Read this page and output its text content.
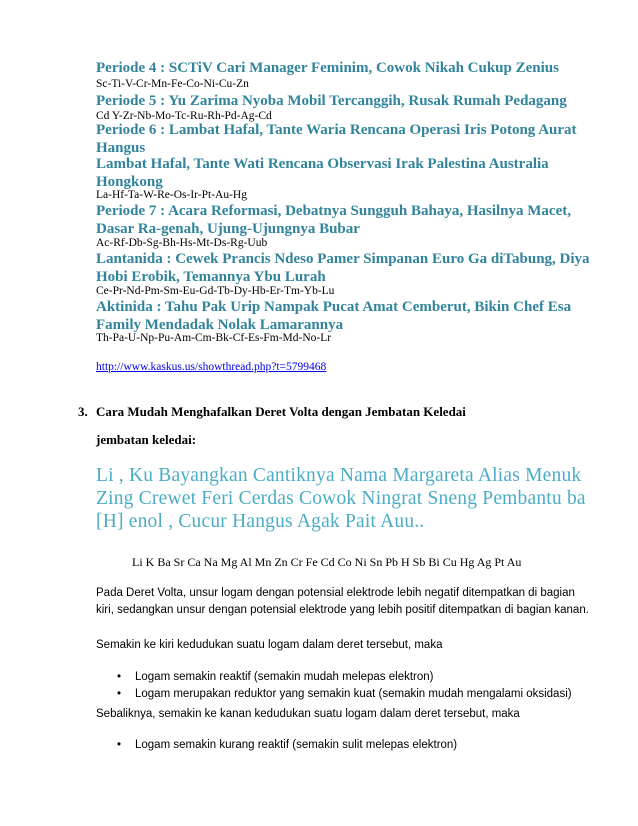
Periode 4 : SCTiV Cari Manager Feminim, Cowok Nikah Cukup Zenius
Sc-Ti-V-Cr-Mn-Fe-Co-Ni-Cu-Zn
Periode 5 : Yu Zarima Nyoba Mobil Tercanggih, Rusak Rumah Pedagang
Cd Y-Zr-Nb-Mo-Tc-Ru-Rh-Pd-Ag-Cd
Periode 6 : Lambat Hafal, Tante Waria Rencana Operasi Iris Potong Aurat Hangus
Lambat Hafal, Tante Wati Rencana Observasi Irak Palestina Australia Hongkong
La-Hf-Ta-W-Re-Os-Ir-Pt-Au-Hg
Periode 7 : Acara Reformasi, Debatnya Sungguh Bahaya, Hasilnya Macet, Dasar Ra-genah, Ujung-Ujungnya Bubar
Ac-Rf-Db-Sg-Bh-Hs-Mt-Ds-Rg-Uub
Lantanida : Cewek Prancis Ndeso Pamer Simpanan Euro Ga diTabung, Diya Hobi Erobik, Temannya Ybu Lurah
Ce-Pr-Nd-Pm-Sm-Eu-Gd-Tb-Dy-Hb-Er-Tm-Yb-Lu
Aktinida : Tahu Pak Urip Nampak Pucat Amat Cemberut, Bikin Chef Esa Family Mendadak Nolak Lamarannya
Th-Pa-U-Np-Pu-Am-Cm-Bk-Cf-Es-Fm-Md-No-Lr
http://www.kaskus.us/showthread.php?t=5799468
3. Cara Mudah Menghafalkan Deret Volta dengan Jembatan Keledai
jembatan keledai:
Li , Ku Bayangkan Cantiknya Nama Margareta Alias Menuk Zing Crewet Feri Cerdas Cowok Ningrat Sneng Pembantu ba [H] enol , Cucur Hangus Agak Pait Auu..
Li K Ba Sr Ca Na Mg Al Mn Zn Cr Fe Cd Co Ni Sn Pb H Sb Bi Cu Hg Ag Pt Au
Pada Deret Volta, unsur logam dengan potensial elektrode lebih negatif ditempatkan di bagian kiri, sedangkan unsur dengan potensial elektrode yang lebih positif ditempatkan di bagian kanan.
Semakin ke kiri kedudukan suatu logam dalam deret tersebut, maka
• Logam semakin reaktif (semakin mudah melepas elektron)
• Logam merupakan reduktor yang semakin kuat (semakin mudah mengalami oksidasi)
Sebaliknya, semakin ke kanan kedudukan suatu logam dalam deret tersebut, maka
• Logam semakin kurang reaktif (semakin sulit melepas elektron)
